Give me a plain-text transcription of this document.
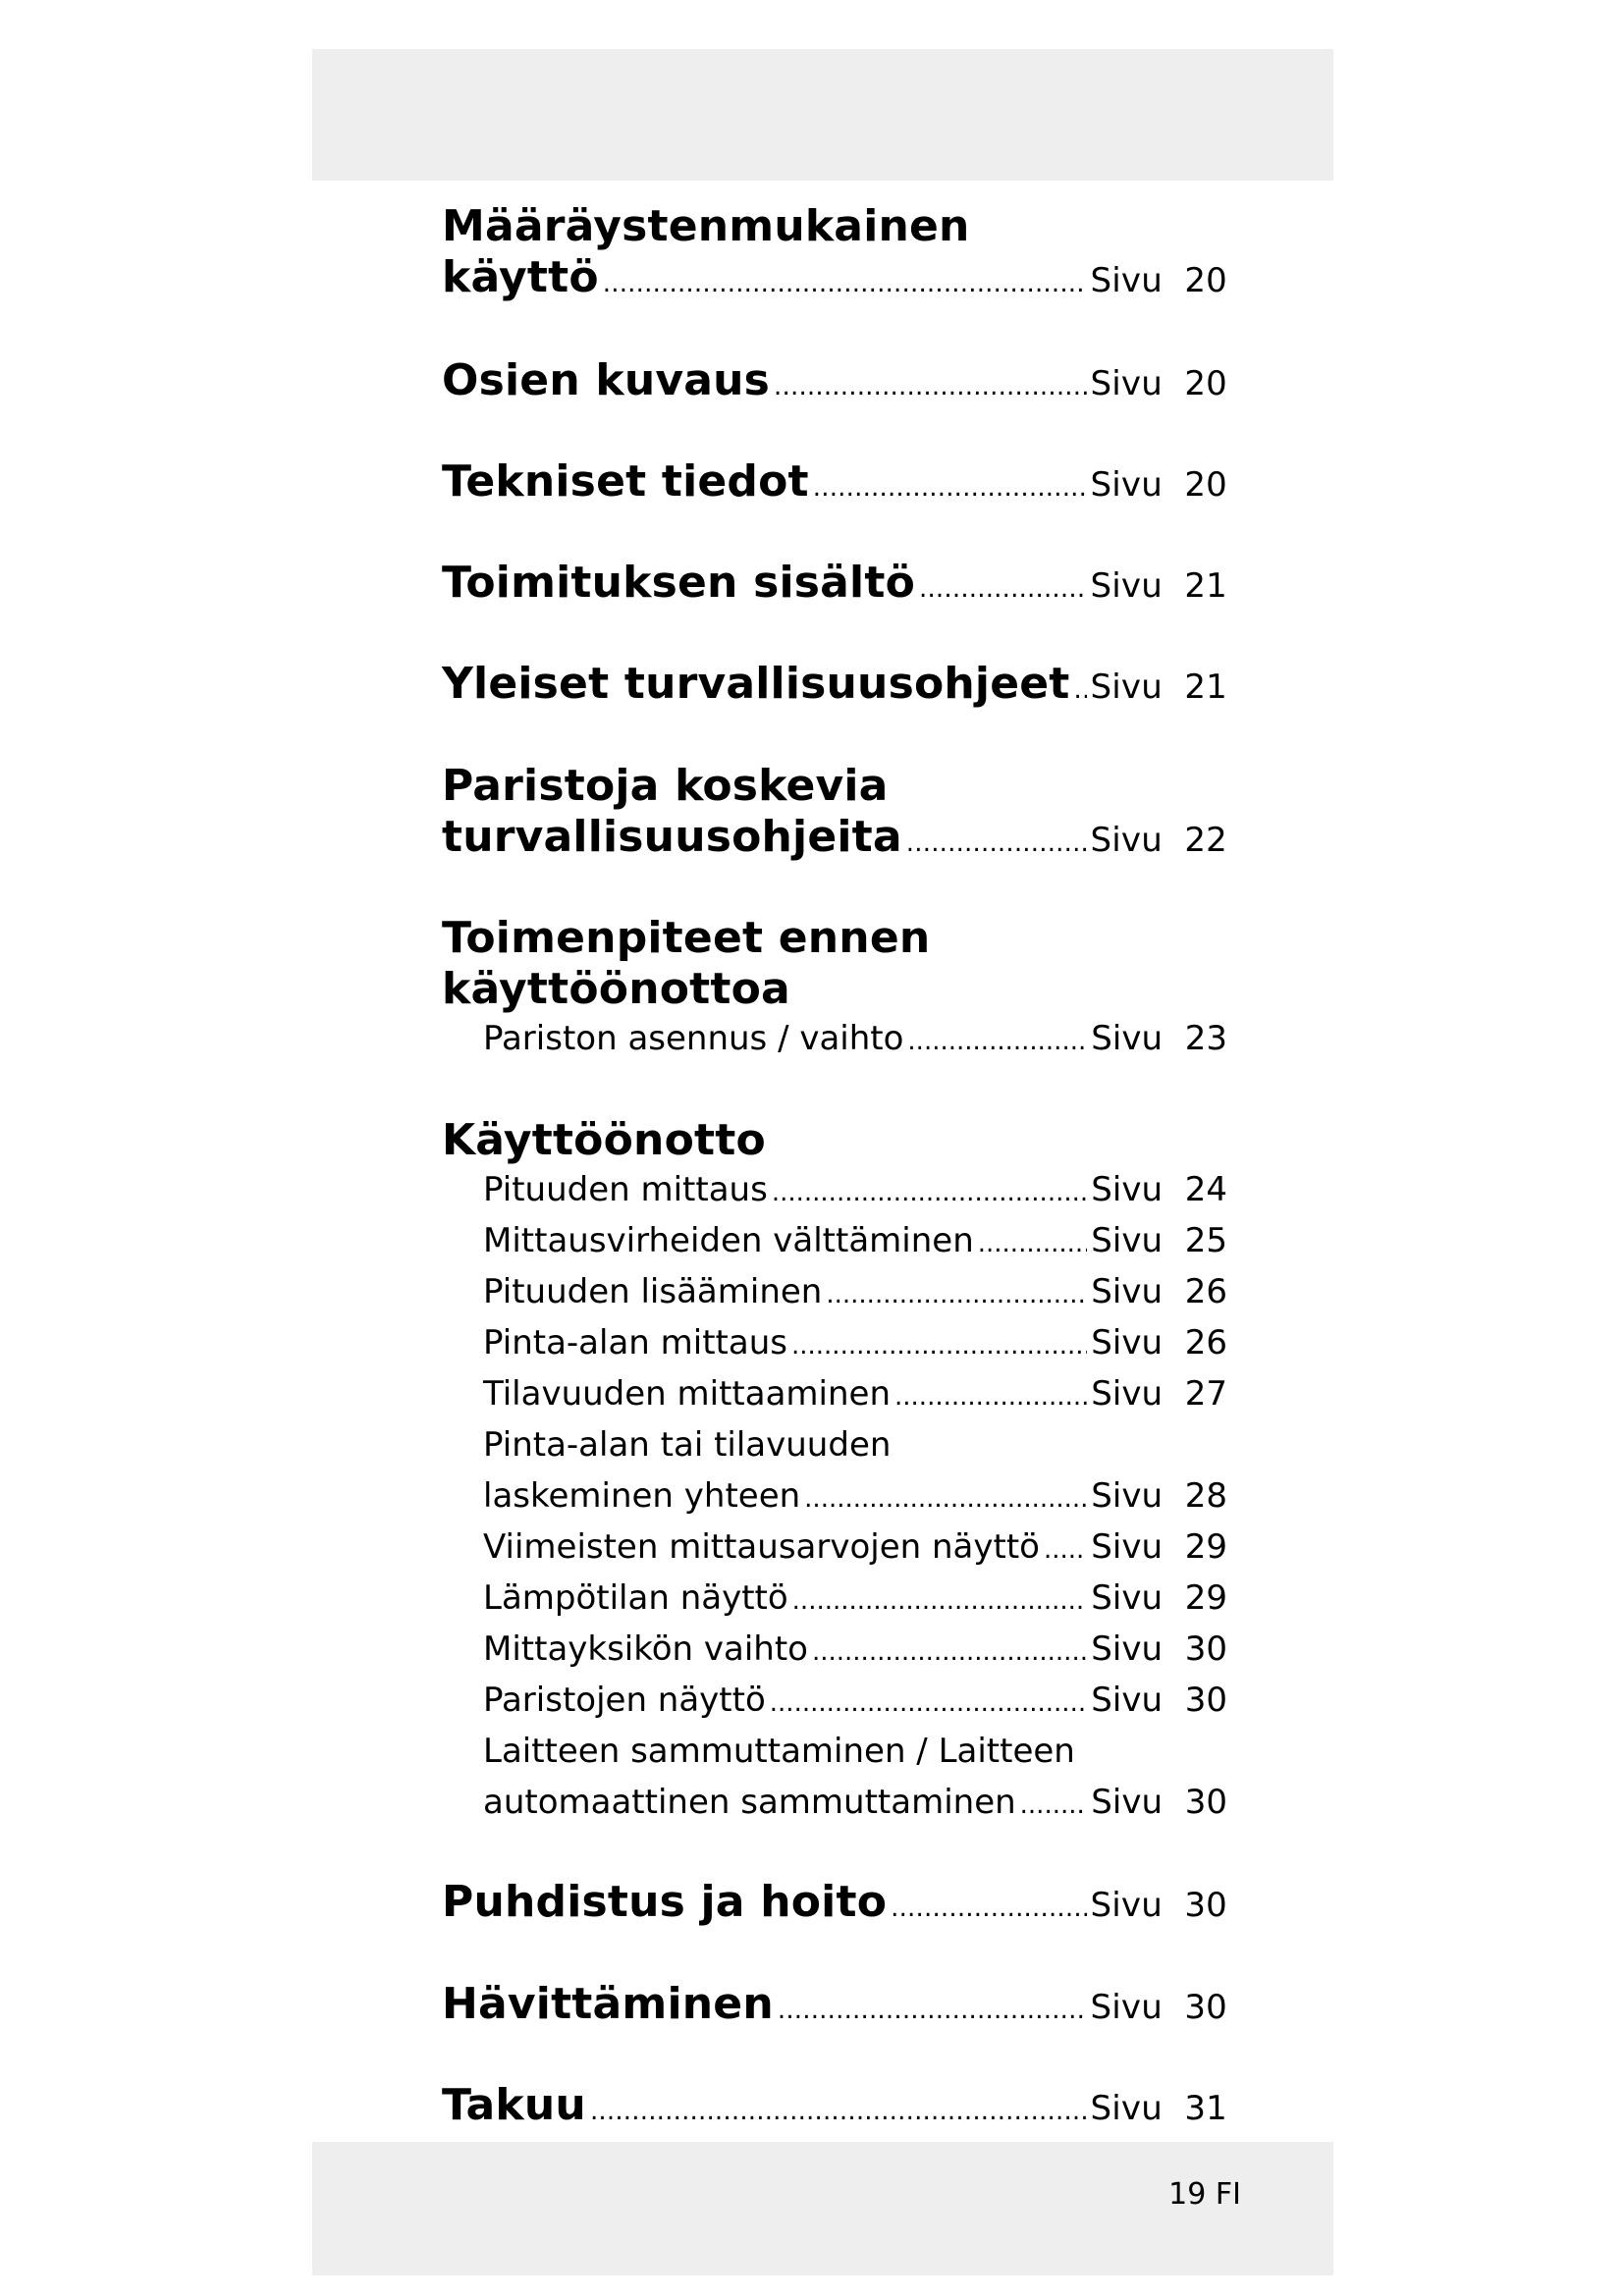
Määräystenmukainen
käyttö .....	Sivu 20
Osien kuvaus .....	Sivu 20
Tekniset tiedot .....	Sivu 20
Toimituksen sisältö .....	Sivu 21
Yleiset turvallisuusohjeet ..... Sivu 21
Paristoja koskevia
turvallisuusohjeita .....	Sivu 22
Toimenpiteet ennen
käyttöönottoa
Pariston asennus / vaihto .....	Sivu 23
Käyttöönotto
Pituuden mittaus .....	Sivu 24
Mittausvirheiden välttäminen .....	Sivu 25
Pituuden lisääminen .....	Sivu 26
Pinta-alan mittaus .....	Sivu 26
Tilavuuden mittaaminen .....	Sivu 27
Pinta-alan tai tilavuuden
laskeminen yhteen .....	Sivu 28
Viimeisten mittausarvojen näyttö ..... Sivu 29
Lämpötilan näyttö .....	Sivu 29
Mittayksikön vaihto .....	Sivu 30
Paristojen näyttö .....	Sivu 30
Laitteen sammuttaminen / Laitteen
automaattinen sammuttaminen ..... Sivu 30
Puhdistus ja hoito .....	Sivu 30
Hävittäminen .....	Sivu 30
Takuu .....	Sivu 31
19 FI
